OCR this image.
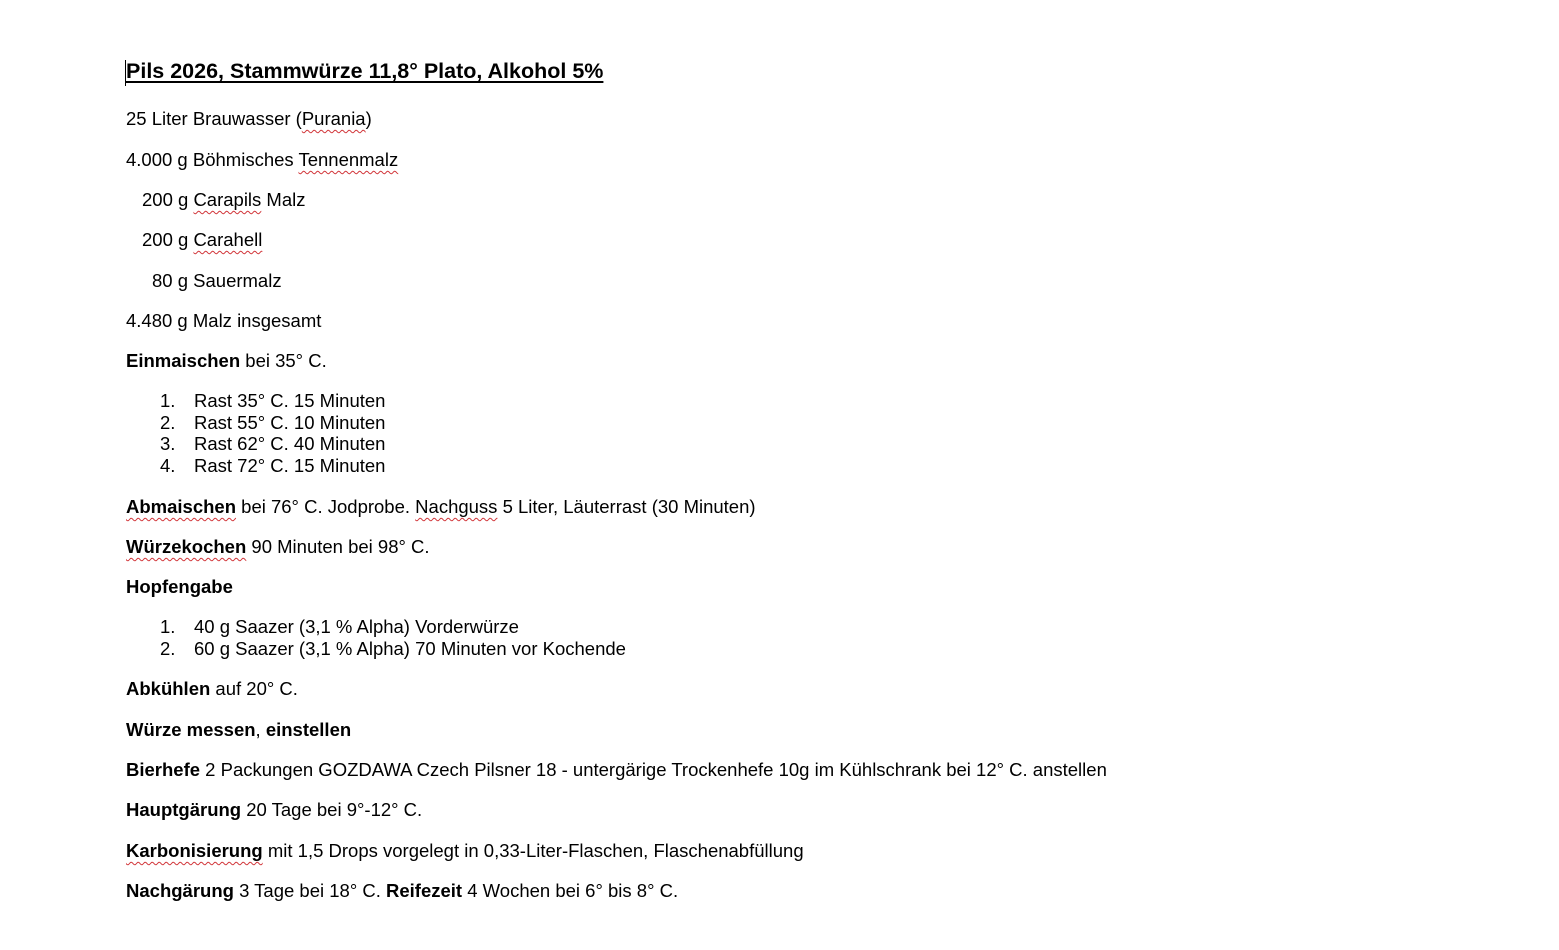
Pils 2026, Stammwürze 11,8° Plato, Alkohol 5%
25 Liter Brauwasser (Purania)
4.000 g Böhmisches Tennenmalz
200 g Carapils Malz
200 g Carahell
80 g Sauermalz
4.480 g Malz insgesamt
Einmaischen bei 35° C.
1. Rast 35° C. 15 Minuten
2. Rast 55° C. 10 Minuten
3. Rast 62° C. 40 Minuten
4. Rast 72° C. 15 Minuten
Abmaischen bei 76° C. Jodprobe. Nachguss 5 Liter, Läuterrast (30 Minuten)
Würzekochen 90 Minuten bei 98° C.
Hopfengabe
1. 40 g Saazer (3,1 % Alpha) Vorderwürze
2. 60 g Saazer (3,1 % Alpha) 70 Minuten vor Kochende
Abkühlen auf 20° C.
Würze messen, einstellen
Bierhefe 2 Packungen GOZDAWA Czech Pilsner 18 - untergärige Trockenhefe 10g im Kühlschrank bei 12° C. anstellen
Hauptgärung 20 Tage bei 9°-12° C.
Karbonisierung mit 1,5 Drops vorgelegt in 0,33-Liter-Flaschen, Flaschenabfüllung
Nachgärung 3 Tage bei 18° C. Reifezeit 4 Wochen bei 6° bis 8° C.
